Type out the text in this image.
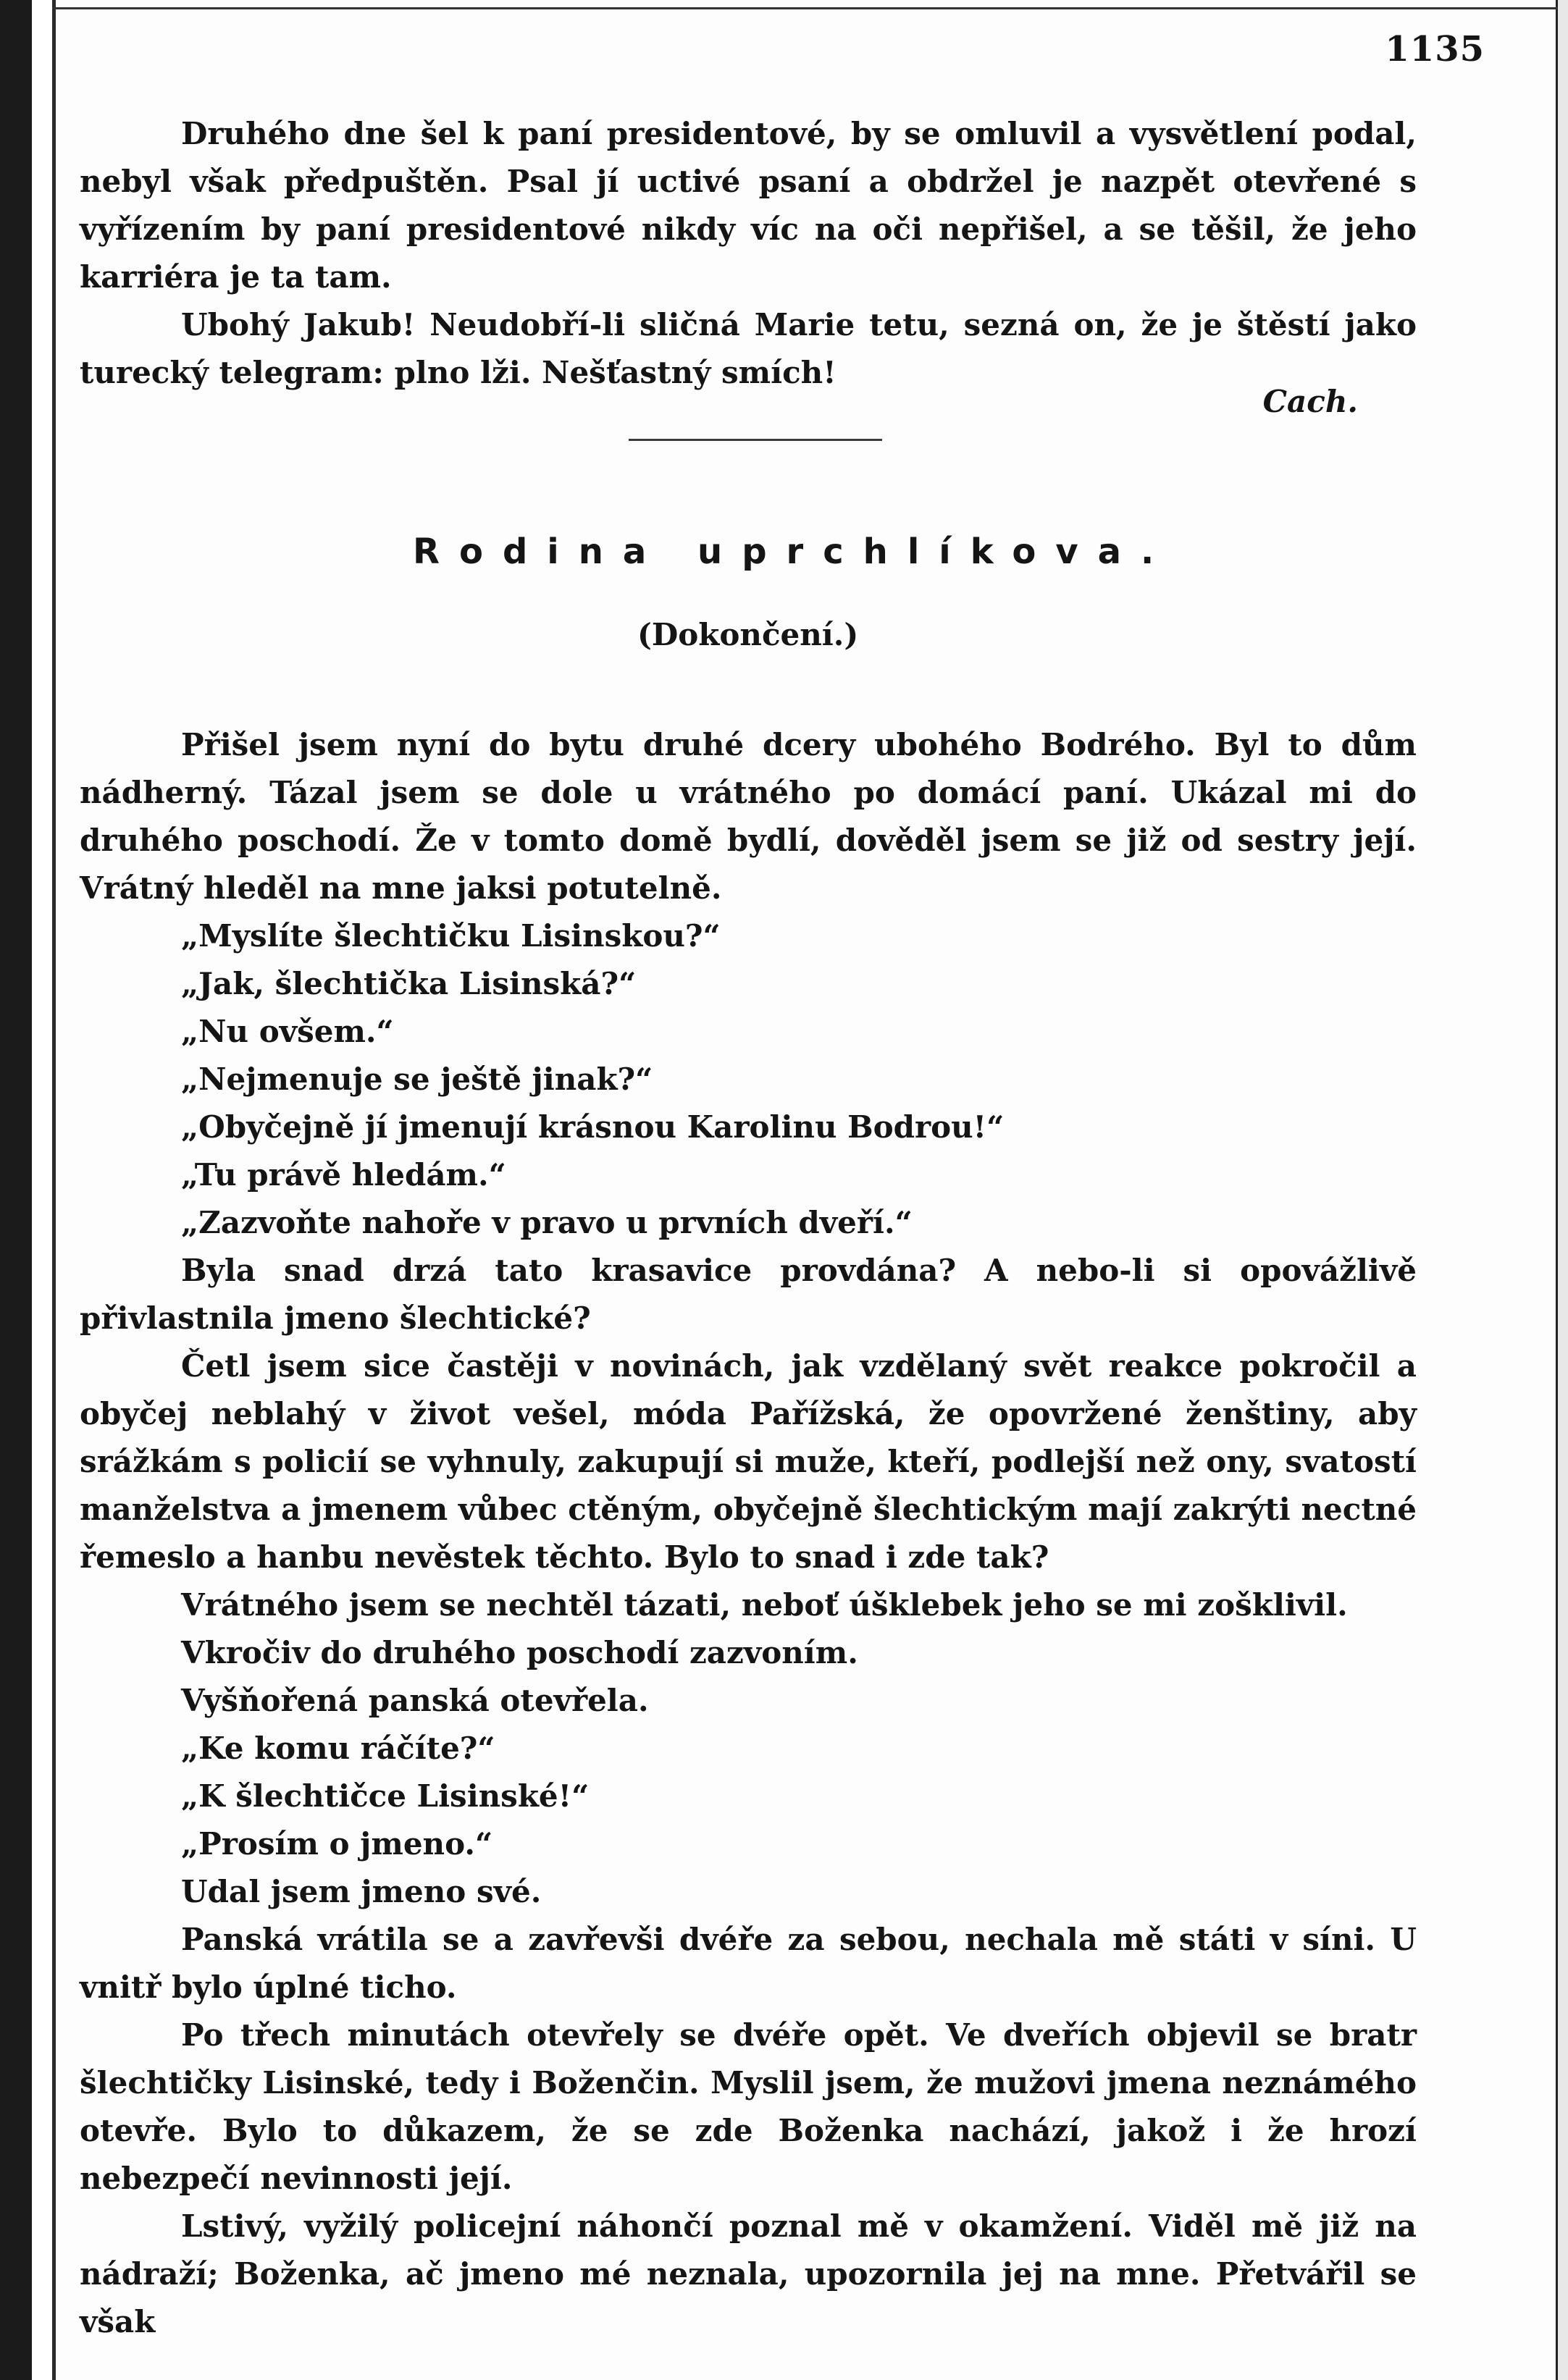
1135

Druhého dne šel k paní presidentové, by se omluvil a vysvětlení podal, nebyl však předpuštěn. Psal jí uctivé psaní a obdržel je nazpět otevřené s vyřízením by paní presidentové nikdy víc na oči nepřišel, a se těšil, že jeho karriéra je ta tam.

Ubohý Jakub! Neudobří-li sličná Marie tetu, sezná on, že je štěstí jako turecký telegram: plno lži. Nešťastný smích!

Cach.
Rodina uprchlíkova.
(Dokončení.)

Přišel jsem nyní do bytu druhé dcery ubohého Bodrého. Byl to dům nádherný. Tázal jsem se dole u vrátného po domácí paní. Ukázal mi do druhého poschodí. Že v tomto domě bydlí, dověděl jsem se již od sestry její. Vrátný hleděl na mne jaksi potutelně.

„Myslíte šlechtičku Lisinskou?“

„Jak, šlechtička Lisinská?“

„Nu ovšem.“

„Nejmenuje se ještě jinak?“

„Obyčejně jí jmenují krásnou Karolinu Bodrou!“

„Tu právě hledám.“

„Zazvoňte nahoře v pravo u prvních dveří.“

Byla snad drzá tato krasavice provdána? A nebo-li si opovážlivě přivlastnila jmeno šlechtické?

Četl jsem sice častěji v novinách, jak vzdělaný svět reakce pokročil a obyčej neblahý v život vešel, móda Pařížská, že opovržené ženštiny, aby srážkám s policií se vyhnuly, zakupují si muže, kteří, podlejší než ony, svatostí manželstva a jmenem vůbec ctěným, obyčejně šlechtickým mají zakrýti nectné řemeslo a hanbu nevěstek těchto. Bylo to snad i zde tak?

Vrátného jsem se nechtěl tázati, neboť úšklebek jeho se mi zošklivil.

Vkročiv do druhého poschodí zazvoním.

Vyšňořená panská otevřela.

„Ke komu ráčíte?“

„K šlechtičce Lisinské!“

„Prosím o jmeno.“

Udal jsem jmeno své.

Panská vrátila se a zavřevši dvéře za sebou, nechala mě státi v síni. U vnitř bylo úplné ticho.

Po třech minutách otevřely se dvéře opět. Ve dveřích objevil se bratr šlechtičky Lisinské, tedy i Boženčin. Myslil jsem, že mužovi jmena neznámého otevře. Bylo to důkazem, že se zde Boženka nachází, jakož i že hrozí nebezpečí nevinnosti její.

Lstivý, vyžilý policejní náhončí poznal mě v okamžení. Viděl mě již na nádraží; Boženka, ač jmeno mé neznala, upozornila jej na mne. Přetvářil se však
